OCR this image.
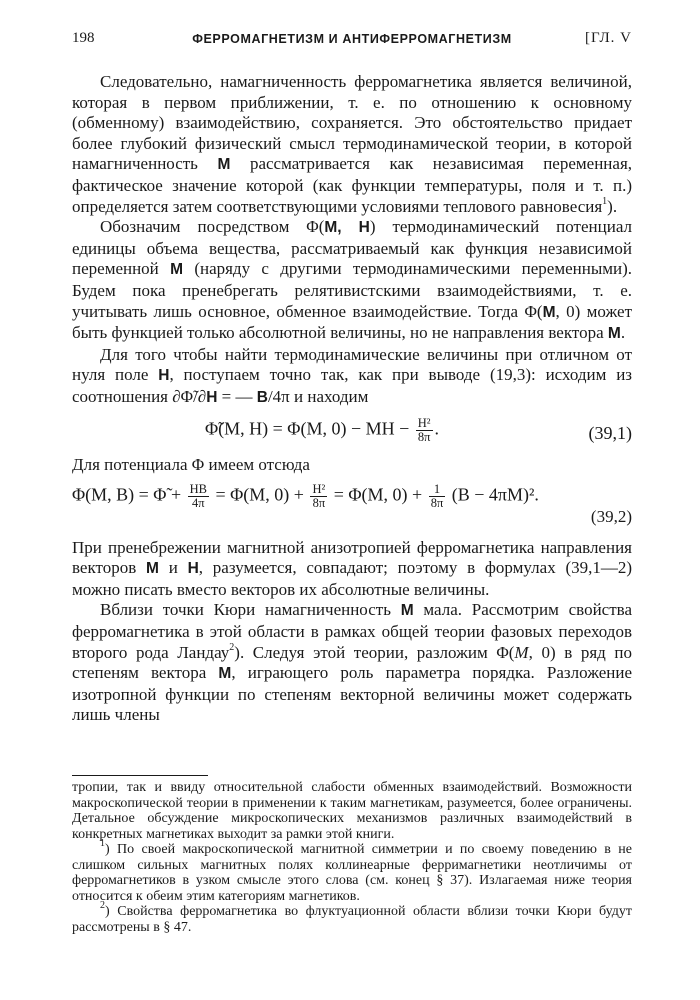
198	ФЕРРОМАГНЕТИЗМ И АНТИФЕРРОМАГНЕТИЗМ	[ГЛ. V

Следовательно, намагниченность ферромагнетика является величиной, которая в первом приближении, т. е. по отношению к основному (обменному) взаимодействию, сохраняется. Это обстоятельство придает более глубокий физический смысл термодинамической теории, в которой намагниченность M рассматривается как независимая переменная, фактическое значение которой (как функции температуры, поля и т. п.) определяется затем соответствующими условиями теплового равновесия$^1$).

Обозначим посредством Φ(M, H) термодинамический потенциал единицы объема вещества, рассматриваемый как функция независимой переменной M (наряду с другими термодинамическими переменными). Будем пока пренебрегать релятивистскими взаимодействиями, т. е. учитывать лишь основное, обменное взаимодействие. Тогда Φ(M, 0) может быть функцией только абсолютной величины, но не направления вектора M.

Для того чтобы найти термодинамические величины при отличном от нуля поле H, поступаем точно так, как при выводе (19,3): исходим из соотношения ∂Φ̃/∂H = — B/4π и находим

Φ̃(M, H) = Φ(M, 0) − MH − $\frac{\text{H²}}{8\pi}$ .	(39,1)

Для потенциала Φ имеем отсюда

Φ(M, B) = Φ̃ + $\frac{HB}{4\pi} = \Phi(M$, $0) + \frac{\text{H²}}{8\pi} = \Phi(M$, $0) + \frac{1}{8\pi} (B - 4\pi M)^2$.
(39,2)

При пренебрежении магнитной анизотропией ферромагнетика направления векторов M и H, разумеется, совпадают; поэтому в формулах (39,1—2) можно писать вместо векторов их абсолютные величины.

Вблизи точки Кюри намагниченность M мала. Рассмотрим свойства ферромагнетика в этой области в рамках общей теории фазовых переходов второго рода Ландау$^2$). Следуя этой теории, разложим Φ(M, 0) в ряд по степеням вектора M, играющего роль параметра порядка. Разложение изотропной функции по степеням векторной величины может содержать лишь члены

тропии, так и ввиду относительной слабости обменных взаимодействий. Возможности макроскопической теории в применении к таким магнетикам, разумеется, более ограничены. Детальное обсуждение микроскопических механизмов различных взаимодействий в конкретных магнетиках выходит за рамки этой книги.

$^1$) По своей макроскопической магнитной симметрии и по своему поведению в не слишком сильных магнитных полях коллинеарные ферримагнетики неотличимы от ферромагнетиков в узком смысле этого слова (см. конец § 37). Излагаемая ниже теория относится к обеим этим категориям магнетиков.

$^2$) Свойства ферромагнетика во флуктуационной области вблизи точки Кюри будут рассмотрены в § 47.
